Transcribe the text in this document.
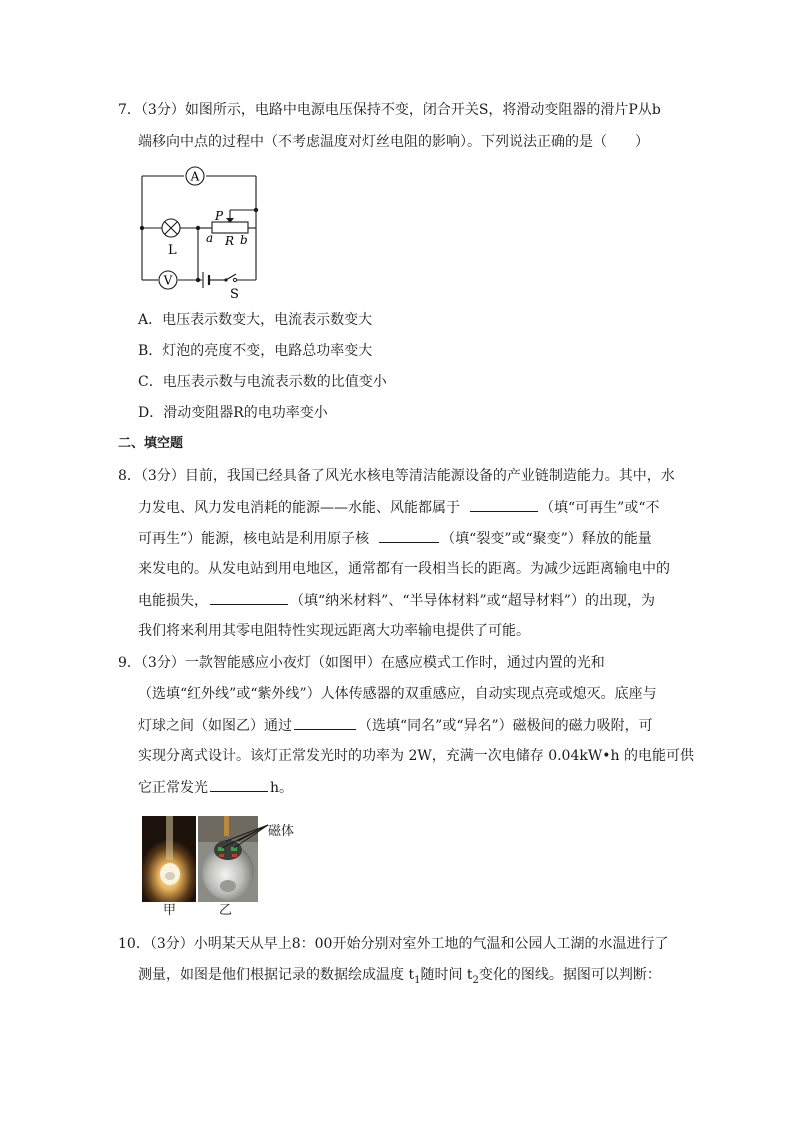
7．（3分）如图所示，电路中电源电压保持不变，闭合开关S，将滑动变阻器的滑片P从b
端移向中点的过程中（不考虑温度对灯丝电阻的影响）。下列说法正确的是（　　）
A
L
V
S
P
a R b
A．电压表示数变大，电流表示数变大
B．灯泡的亮度不变，电路总功率变大
C．电压表示数与电流表示数的比值变小
D．滑动变阻器R的电功率变小
二、填空题
8．（3分）目前，我国已经具备了风光水核电等清洁能源设备的产业链制造能力。其中，水
力发电、风力发电消耗的能源——水能、风能都属于	（填“可再生”或“不
可再生”）能源，核电站是利用原子核	（填“裂变”或“聚变”）释放的能量
来发电的。从发电站到用电地区，通常都有一段相当长的距离。为减少远距离输电中的
电能损失，	（填“纳米材料”、“半导体材料”或“超导材料”）的出现，为
我们将来利用其零电阻特性实现远距离大功率输电提供了可能。
9．（3分）一款智能感应小夜灯（如图甲）在感应模式工作时，通过内置的光和
（选填“红外线”或“紫外线”）人体传感器的双重感应，自动实现点亮或熄灭。底座与
灯球之间（如图乙）通过	（选填“同名”或“异名”）磁极间的磁力吸附，可
实现分离式设计。该灯正常发光时的功率为 2W，充满一次电储存 0.04kW•h 的电能可供
它正常发光	h。
磁体
甲	乙
10．（3分）小明某天从早上8：00开始分别对室外工地的气温和公园人工湖的水温进行了
测量，如图是他们根据记录的数据绘成温度 $t_1$随时间 $t_2$变化的图线。据图可以判断：
